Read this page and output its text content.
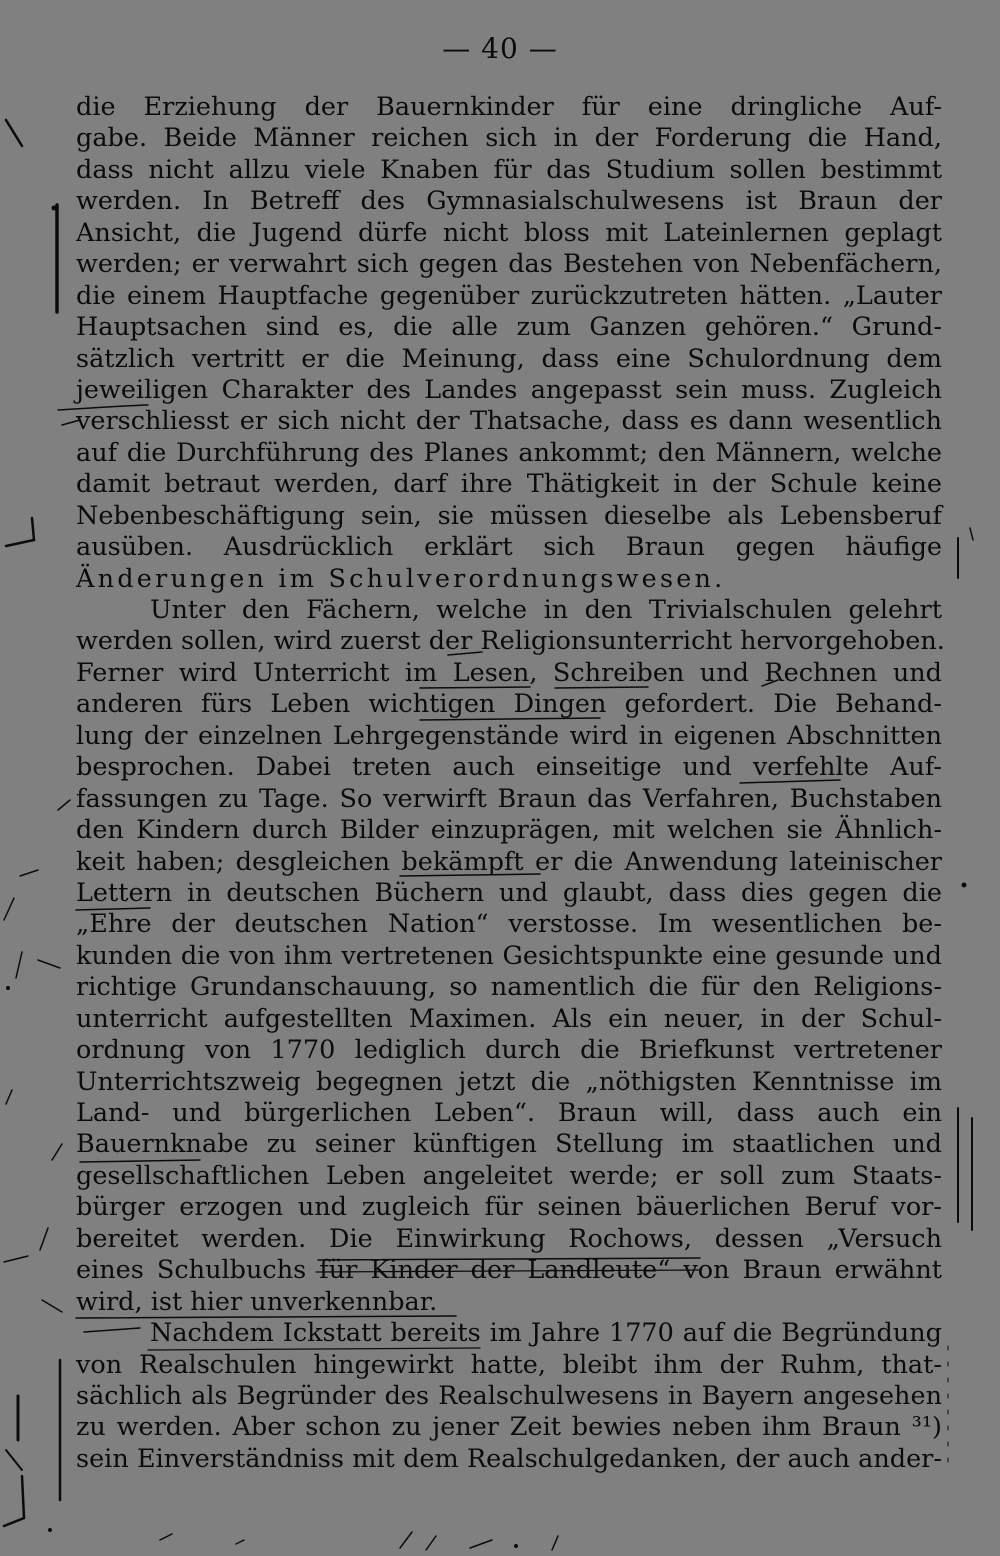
— 40 —
die Erziehung der Bauernkinder für eine dringliche Auf-
gabe. Beide Männer reichen sich in der Forderung die Hand,
dass nicht allzu viele Knaben für das Studium sollen bestimmt
werden. In Betreff des Gymnasialschulwesens ist Braun der
Ansicht, die Jugend dürfe nicht bloss mit Lateinlernen geplagt
werden; er verwahrt sich gegen das Bestehen von Nebenfächern,
die einem Hauptfache gegenüber zurückzutreten hätten. „Lauter
Hauptsachen sind es, die alle zum Ganzen gehören.“ Grund-
sätzlich vertritt er die Meinung, dass eine Schulordnung dem
jeweiligen Charakter des Landes angepasst sein muss. Zugleich
verschliesst er sich nicht der Thatsache, dass es dann wesentlich
auf die Durchführung des Planes ankommt; den Männern, welche
damit betraut werden, darf ihre Thätigkeit in der Schule keine
Nebenbeschäftigung sein, sie müssen dieselbe als Lebensberuf
ausüben. Ausdrücklich erklärt sich Braun gegen häufige
Änderungen im Schulverordnungswesen.
Unter den Fächern, welche in den Trivialschulen gelehrt
werden sollen, wird zuerst der Religionsunterricht hervorgehoben.
Ferner wird Unterricht im Lesen, Schreiben und Rechnen und
anderen fürs Leben wichtigen Dingen gefordert. Die Behand-
lung der einzelnen Lehrgegenstände wird in eigenen Abschnitten
besprochen. Dabei treten auch einseitige und verfehlte Auf-
fassungen zu Tage. So verwirft Braun das Verfahren, Buchstaben
den Kindern durch Bilder einzuprägen, mit welchen sie Ähnlich-
keit haben; desgleichen bekämpft er die Anwendung lateinischer
Lettern in deutschen Büchern und glaubt, dass dies gegen die
„Ehre der deutschen Nation“ verstosse. Im wesentlichen be-
kunden die von ihm vertretenen Gesichtspunkte eine gesunde und
richtige Grundanschauung, so namentlich die für den Religions-
unterricht aufgestellten Maximen. Als ein neuer, in der Schul-
ordnung von 1770 lediglich durch die Briefkunst vertretener
Unterrichtszweig begegnen jetzt die „nöthigsten Kenntnisse im
Land- und bürgerlichen Leben“. Braun will, dass auch ein
Bauernknabe zu seiner künftigen Stellung im staatlichen und
gesellschaftlichen Leben angeleitet werde; er soll zum Staats-
bürger erzogen und zugleich für seinen bäuerlichen Beruf vor-
bereitet werden. Die Einwirkung Rochows, dessen „Versuch
eines Schulbuchs für Kinder der Landleute“ von Braun erwähnt
wird, ist hier unverkennbar.
Nachdem Ickstatt bereits im Jahre 1770 auf die Begründung
von Realschulen hingewirkt hatte, bleibt ihm der Ruhm, that-
sächlich als Begründer des Realschulwesens in Bayern angesehen
zu werden. Aber schon zu jener Zeit bewies neben ihm Braun ³¹)
sein Einverständniss mit dem Realschulgedanken, der auch ander-
